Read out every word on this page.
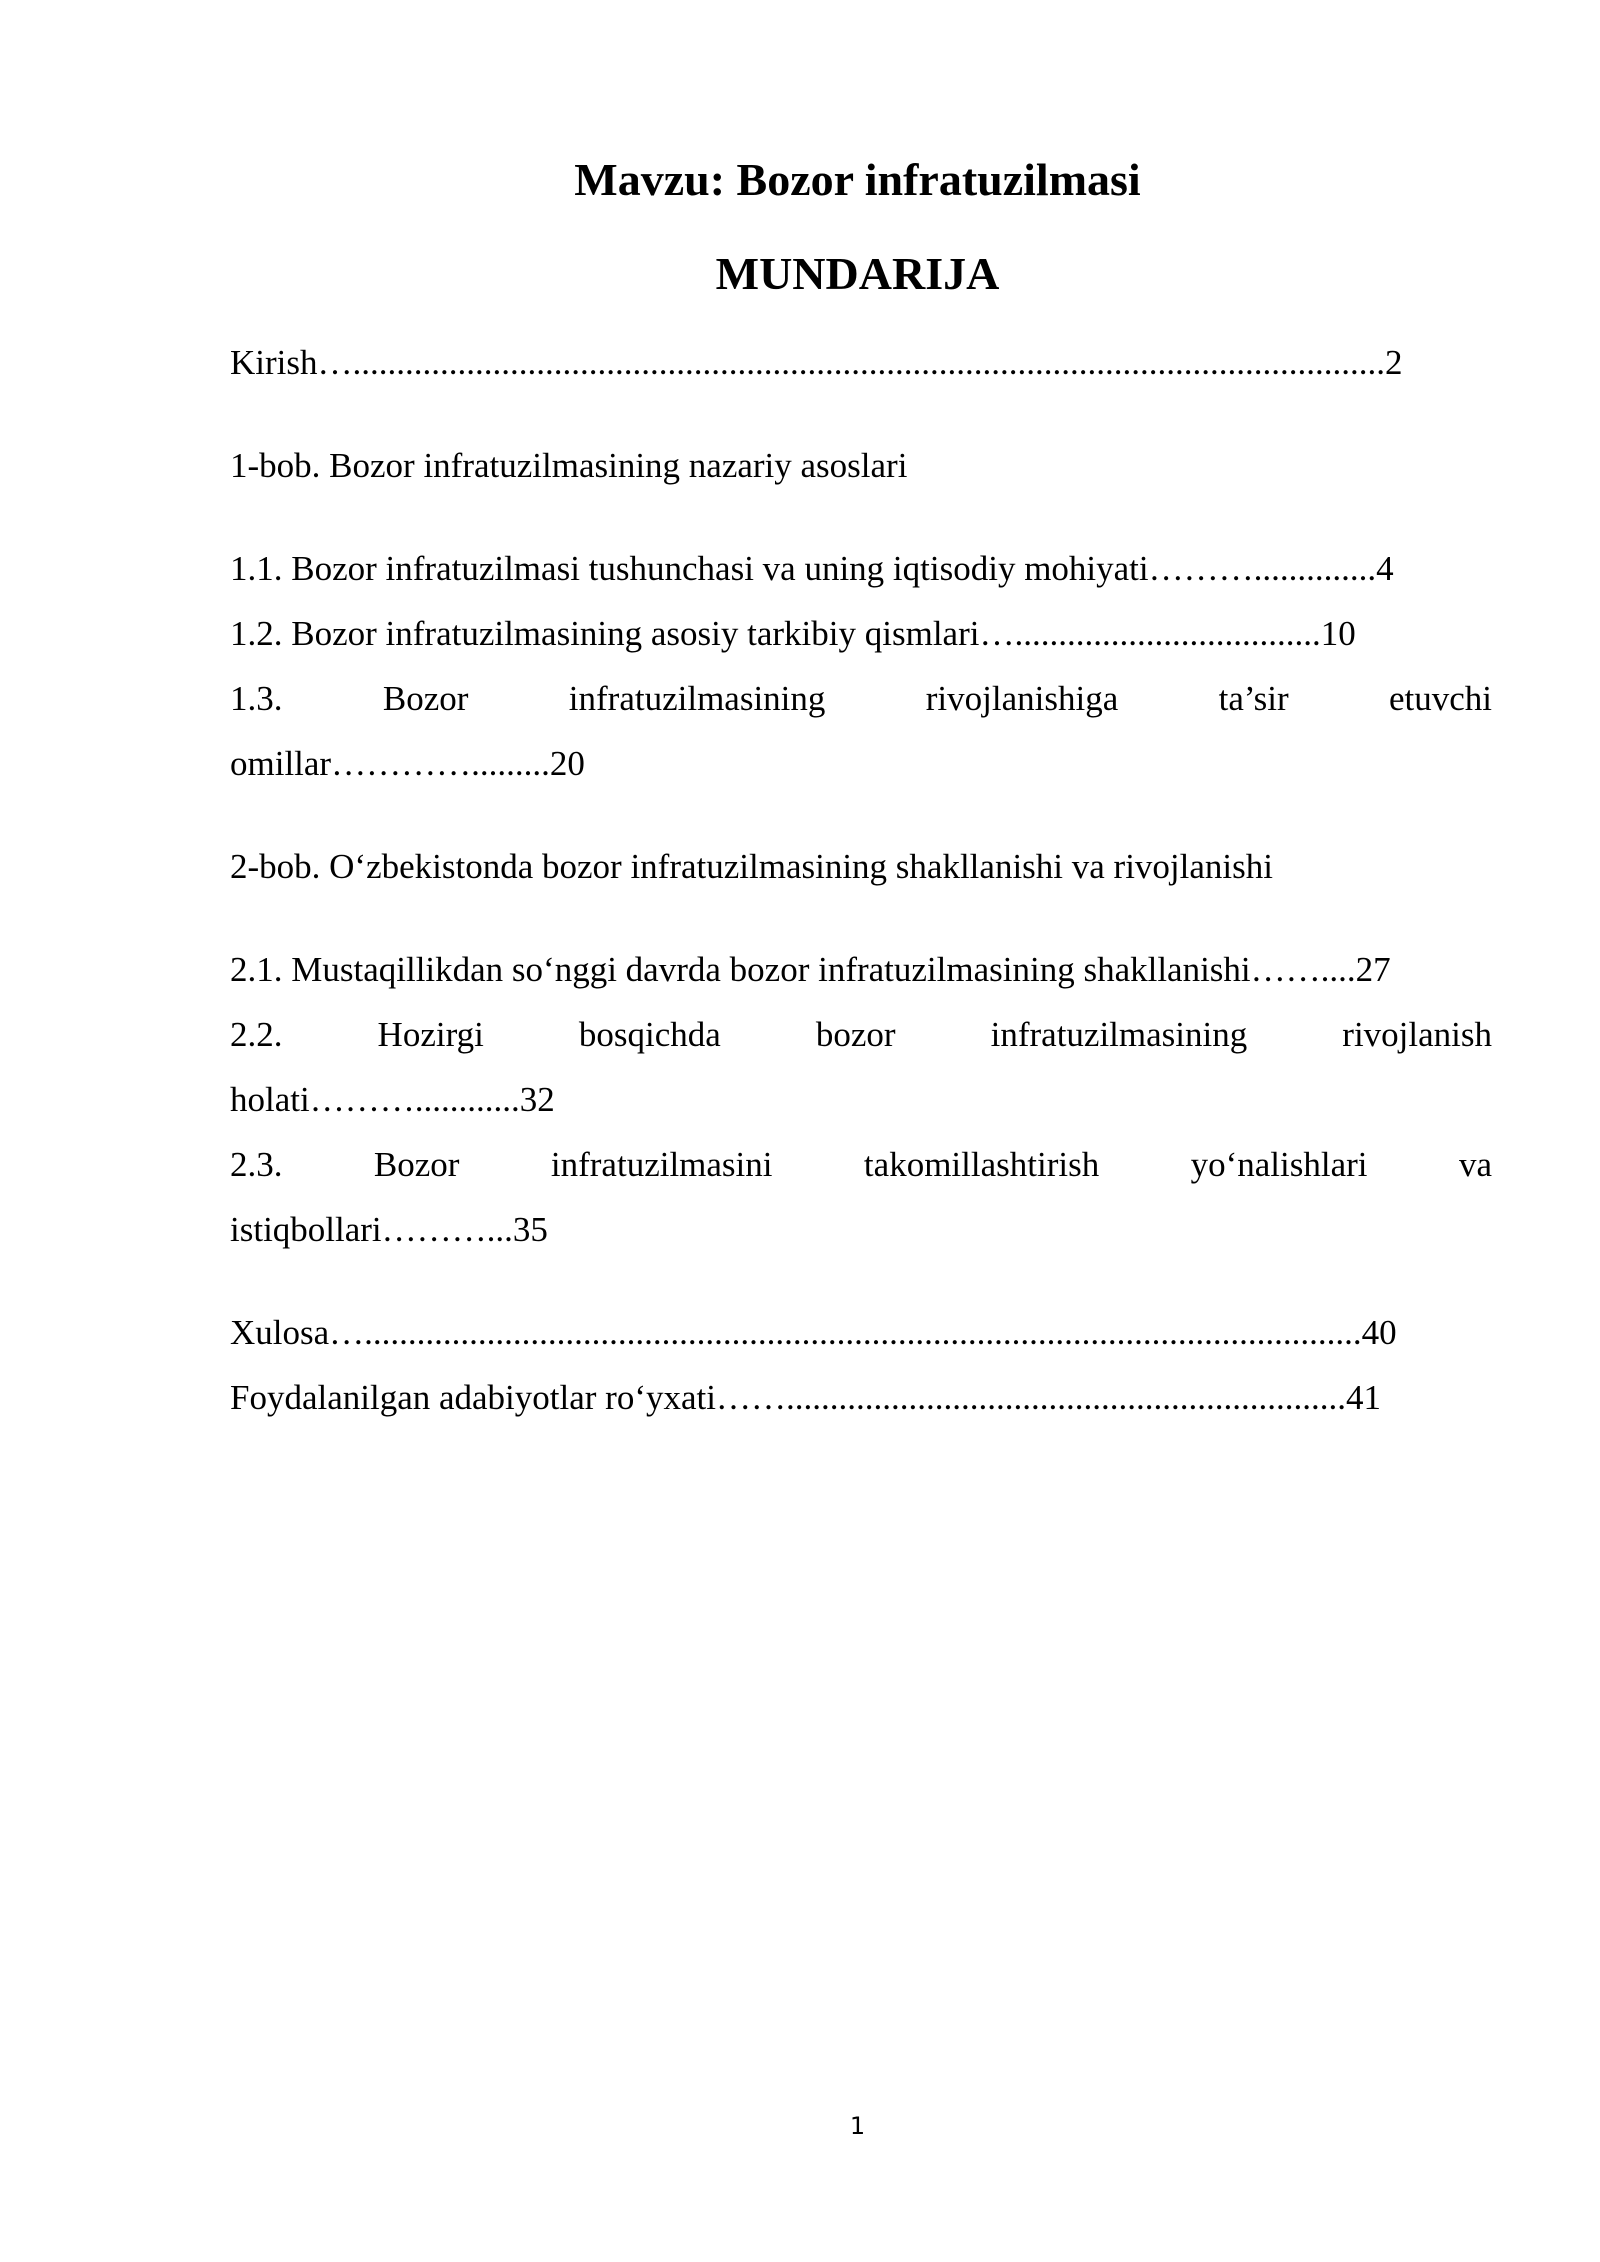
Mavzu: Bozor infratuzilmasi
MUNDARIJA
Kirish…......................................................................................................................2
1-bob. Bozor infratuzilmasining nazariy asoslari
1.1. Bozor infratuzilmasi tushunchasi va uning iqtisodiy mohiyati………..............4
1.2. Bozor infratuzilmasining asosiy tarkibiy qismlari…...................................10
1.3. Bozor infratuzilmasining rivojlanishiga ta’sir etuvchi
omillar………….........20
2-bob. O‘zbekistonda bozor infratuzilmasining shakllanishi va rivojlanishi
2.1. Mustaqillikdan so‘nggi davrda bozor infratuzilmasining shakllanishi……....27
2.2. Hozirgi bosqichda bozor infratuzilmasining rivojlanish
holati………............32
2.3. Bozor infratuzilmasini takomillashtirish yo‘nalishlari va
istiqbollari………...35
Xulosa…..................................................................................................................40
Foydalanilgan adabiyotlar ro‘yxati……................................................................41
1
